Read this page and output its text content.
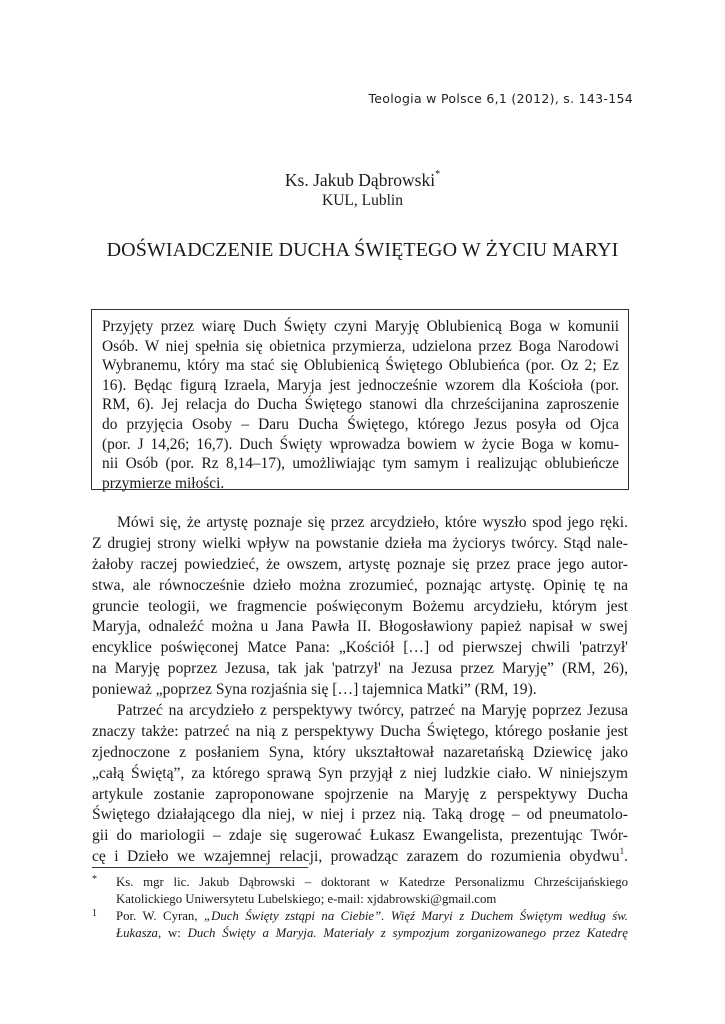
Teologia w Polsce 6,1 (2012), s. 143-154
Ks. Jakub Dąbrowski*
KUL, Lublin
DOŚWIADCZENIE DUCHA ŚWIĘTEGO W ŻYCIU MARYI
Przyjęty przez wiarę Duch Święty czyni Maryję Oblubienicą Boga w komunii
Osób. W niej spełnia się obietnica przymierza, udzielona przez Boga Narodowi
Wybranemu, który ma stać się Oblubienicą Świętego Oblubieńca (por. Oz 2; Ez
16). Będąc figurą Izraela, Maryja jest jednocześnie wzorem dla Kościoła (por.
RM, 6). Jej relacja do Ducha Świętego stanowi dla chrześcijanina zaproszenie
do przyjęcia Osoby – Daru Ducha Świętego, którego Jezus posyła od Ojca
(por. J 14,26; 16,7). Duch Święty wprowadza bowiem w życie Boga w komu-
nii Osób (por. Rz 8,14–17), umożliwiając tym samym i realizując oblubieńcze
przymierze miłości.
Mówi się, że artystę poznaje się przez arcydzieło, które wyszło spod jego ręki.
Z drugiej strony wielki wpływ na powstanie dzieła ma życiorys twórcy. Stąd nale-
żałoby raczej powiedzieć, że owszem, artystę poznaje się przez prace jego autor-
stwa, ale równocześnie dzieło można zrozumieć, poznając artystę. Opinię tę na
gruncie teologii, we fragmencie poświęconym Bożemu arcydziełu, którym jest
Maryja, odnaleźć można u Jana Pawła II. Błogosławiony papież napisał w swej
encyklice poświęconej Matce Pana: „Kościół […] od pierwszej chwili 'patrzył'
na Maryję poprzez Jezusa, tak jak 'patrzył' na Jezusa przez Maryję” (RM, 26),
ponieważ „poprzez Syna rozjaśnia się […] tajemnica Matki” (RM, 19).
Patrzeć na arcydzieło z perspektywy twórcy, patrzeć na Maryję poprzez Jezusa
znaczy także: patrzeć na nią z perspektywy Ducha Świętego, którego posłanie jest
zjednoczone z posłaniem Syna, który ukształtował nazaretańską Dziewicę jako
„całą Świętą”, za którego sprawą Syn przyjął z niej ludzkie ciało. W niniejszym
artykule zostanie zaproponowane spojrzenie na Maryję z perspektywy Ducha
Świętego działającego dla niej, w niej i przez nią. Taką drogę – od pneumatolo-
gii do mariologii – zdaje się sugerować Łukasz Ewangelista, prezentując Twór-
cę i Dzieło we wzajemnej relacji, prowadząc zarazem do rozumienia obydwu$^1$.
* Ks. mgr lic. Jakub Dąbrowski – doktorant w Katedrze Personalizmu Chrześcijańskiego
Katolickiego Uniwersytetu Lubelskiego; e-mail: xjdabrowski@gmail.com
1 Por. W. Cyran, „Duch Święty zstąpi na Ciebie”. Więź Maryi z Duchem Świętym według św.
Łukasza, w: Duch Święty a Maryja. Materiały z sympozjum zorganizowanego przez Katedrę
